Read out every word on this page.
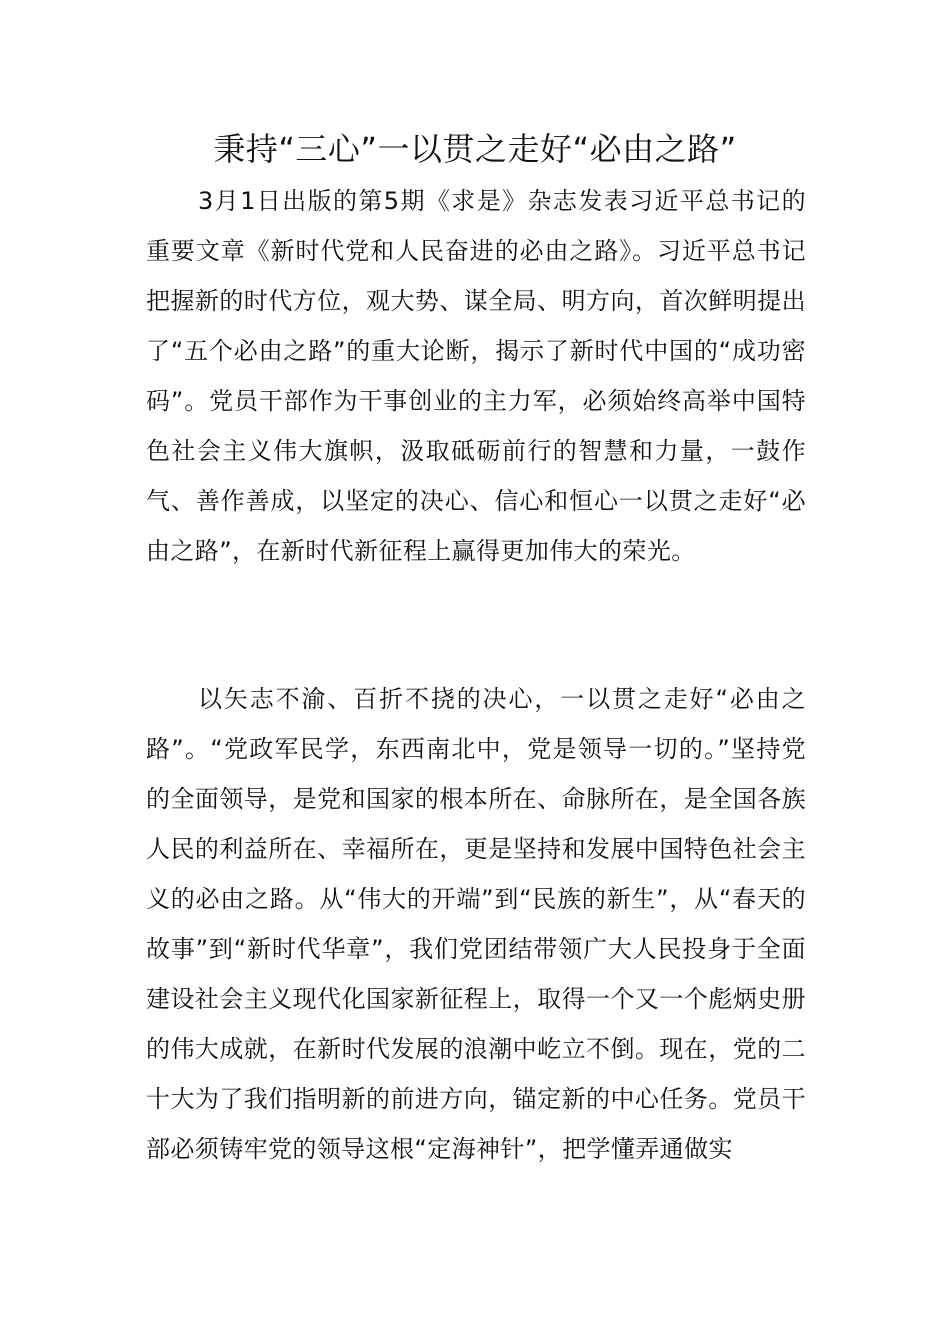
秉持“三心”一以贯之走好“必由之路”

3月1日出版的第5期《求是》杂志发表习近平总书记的重要文章《新时代党和人民奋进的必由之路》。习近平总书记把握新的时代方位，观大势、谋全局、明方向，首次鲜明提出了“五个必由之路”的重大论断，揭示了新时代中国的“成功密码”。党员干部作为干事创业的主力军，必须始终高举中国特色社会主义伟大旗帜，汲取砥砺前行的智慧和力量，一鼓作气、善作善成，以坚定的决心、信心和恒心一以贯之走好“必由之路”，在新时代新征程上赢得更加伟大的荣光。

以矢志不渝、百折不挠的决心，一以贯之走好“必由之路”。“党政军民学，东西南北中，党是领导一切的。”坚持党的全面领导，是党和国家的根本所在、命脉所在，是全国各族人民的利益所在、幸福所在，更是坚持和发展中国特色社会主义的必由之路。从“伟大的开端”到“民族的新生”，从“春天的故事”到“新时代华章”，我们党团结带领广大人民投身于全面建设社会主义现代化国家新征程上，取得一个又一个彪炳史册的伟大成就，在新时代发展的浪潮中屹立不倒。现在，党的二十大为了我们指明新的前进方向，锚定新的中心任务。党员干部必须铸牢党的领导这根“定海神针”，把学懂弄通做实
